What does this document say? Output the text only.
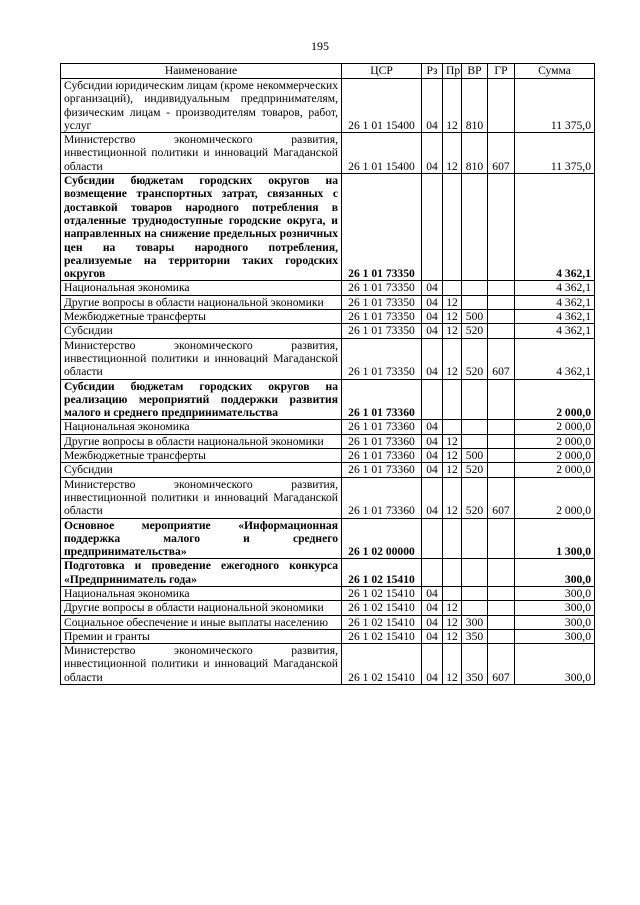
195
Наименование	ЦСР	Рз	Пр	ВР	ГР	Сумма
Субсидии юридическим лицам (кроме некоммерческих организаций), индивидуальным предпринимателям, физическим лицам - производителям товаров, работ, услуг	26 1 01 15400	04	12	810		11 375,0
Министерство экономического развития, инвестиционной политики и инноваций Магаданской области	26 1 01 15400	04	12	810	607	11 375,0
Субсидии бюджетам городских округов на возмещение транспортных затрат, связанных с доставкой товаров народного потребления в отдаленные труднодоступные городские округа, и направленных на снижение предельных розничных цен на товары народного потребления, реализуемые на территории таких городских округов	26 1 01 73350					4 362,1
Национальная экономика	26 1 01 73350	04				4 362,1
Другие вопросы в области национальной экономики	26 1 01 73350	04	12			4 362,1
Межбюджетные трансферты	26 1 01 73350	04	12	500		4 362,1
Субсидии	26 1 01 73350	04	12	520		4 362,1
Министерство экономического развития, инвестиционной политики и инноваций Магаданской области	26 1 01 73350	04	12	520	607	4 362,1
Субсидии бюджетам городских округов на реализацию мероприятий поддержки развития малого и среднего предпринимательства	26 1 01 73360					2 000,0
Национальная экономика	26 1 01 73360	04				2 000,0
Другие вопросы в области национальной экономики	26 1 01 73360	04	12			2 000,0
Межбюджетные трансферты	26 1 01 73360	04	12	500		2 000,0
Субсидии	26 1 01 73360	04	12	520		2 000,0
Министерство экономического развития, инвестиционной политики и инноваций Магаданской области	26 1 01 73360	04	12	520	607	2 000,0
Основное мероприятие «Информационная поддержка малого и среднего предпринимательства»	26 1 02 00000					1 300,0
Подготовка и проведение ежегодного конкурса «Предприниматель года»	26 1 02 15410					300,0
Национальная экономика	26 1 02 15410	04				300,0
Другие вопросы в области национальной экономики	26 1 02 15410	04	12			300,0
Социальное обеспечение и иные выплаты населению	26 1 02 15410	04	12	300		300,0
Премии и гранты	26 1 02 15410	04	12	350		300,0
Министерство экономического развития, инвестиционной политики и инноваций Магаданской области	26 1 02 15410	04	12	350	607	300,0
